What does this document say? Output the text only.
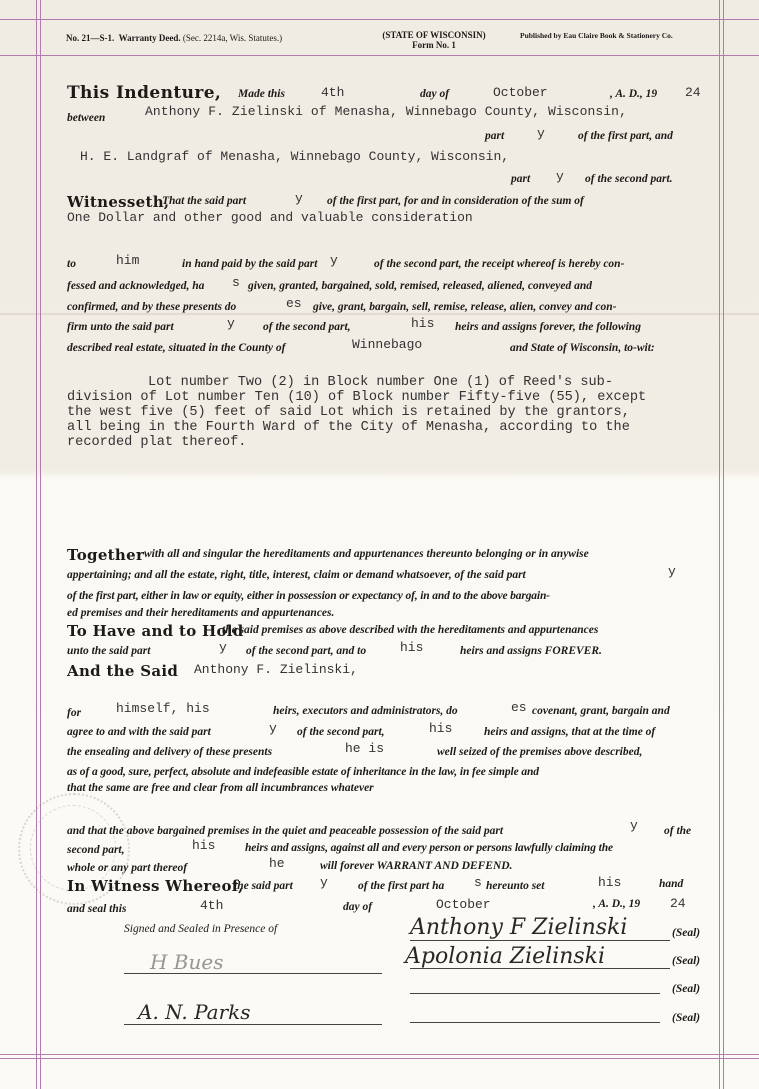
No. 21—S-1. Warranty Deed. (Sec. 2214a, Wis. Statutes.)	(STATE OF WISCONSIN)
Form No. 1
Published by Eau Claire Book & Stationery Co.
This Indenture, Made this	4th	day of	October	, A. D., 19 24
between	Anthony F. Zielinski of Menasha, Winnebago County, Wisconsin,
part	y	of the first part, and
H. E. Landgraf of Menasha, Winnebago County, Wisconsin,
part y of the second part.
Witnesseth,
That the said part	y of the first part, for and in consideration of the sum of
One Dollar and other good and valuable consideration
to	him	in hand paid by the said part y	of the second part, the receipt whereof is hereby con-
fessed and acknowledged, ha s given, granted, bargained, sold, remised, released, aliened, conveyed and
confirmed, and by these presents do	es give, grant, bargain, sell, remise, release, alien, convey and con-
firm unto the said part	y of the second part,	his heirs and assigns forever, the following
described real estate, situated in the County of	Winnebago	and State of Wisconsin, to-wit:
Lot number Two (2) in Block number One (1) of Reed's sub-
division of Lot number Ten (10) of Block number Fifty-five (55), except
the west five (5) feet of said Lot which is retained by the grantors,
all being in the Fourth Ward of the City of Menasha, according to the
recorded plat thereof.
Together with all and singular the hereditaments and appurtenances thereunto belonging or in anywise
appertaining; and all the estate, right, title, interest, claim or demand whatsoever, of the said part	y
of the first part, either in law or equity, either in possession or expectancy of, in and to the above bargain-
ed premises and their hereditaments and appurtenances.
To Have and to Hold
the said premises as above described with the hereditaments and appurtenances
unto the said part	y of the second part, and to	his	heirs and assigns FOREVER.
And the Said Anthony F. Zielinski,
for	himself, his	heirs, executors and administrators, do	es covenant, grant, bargain and
agree to and with the said part	y of the second part,	his	heirs and assigns, that at the time of
the ensealing and delivery of these presents	he is	well seized of the premises above described,
as of a good, sure, perfect, absolute and indefeasible estate of inheritance in the law, in fee simple and
that the same are free and clear from all incumbrances whatever
and that the above bargained premises in the quiet and peaceable possession of the said part	y of the
second part,	his	heirs and assigns, against all and every person or persons lawfully claiming the
whole or any part thereof	he	will forever WARRANT AND DEFEND.
In Witness Whereof,
the said part y	of the first part ha s hereunto set	his	hand
and seal this	4th	day of	October	, A. D., 19 24
Signed and Sealed in Presence of	Anthony F Zielinski	(Seal)
Apolonia Zielinski	(Seal)
(Seal)
(Seal)
H Bues
A. N. Parks
